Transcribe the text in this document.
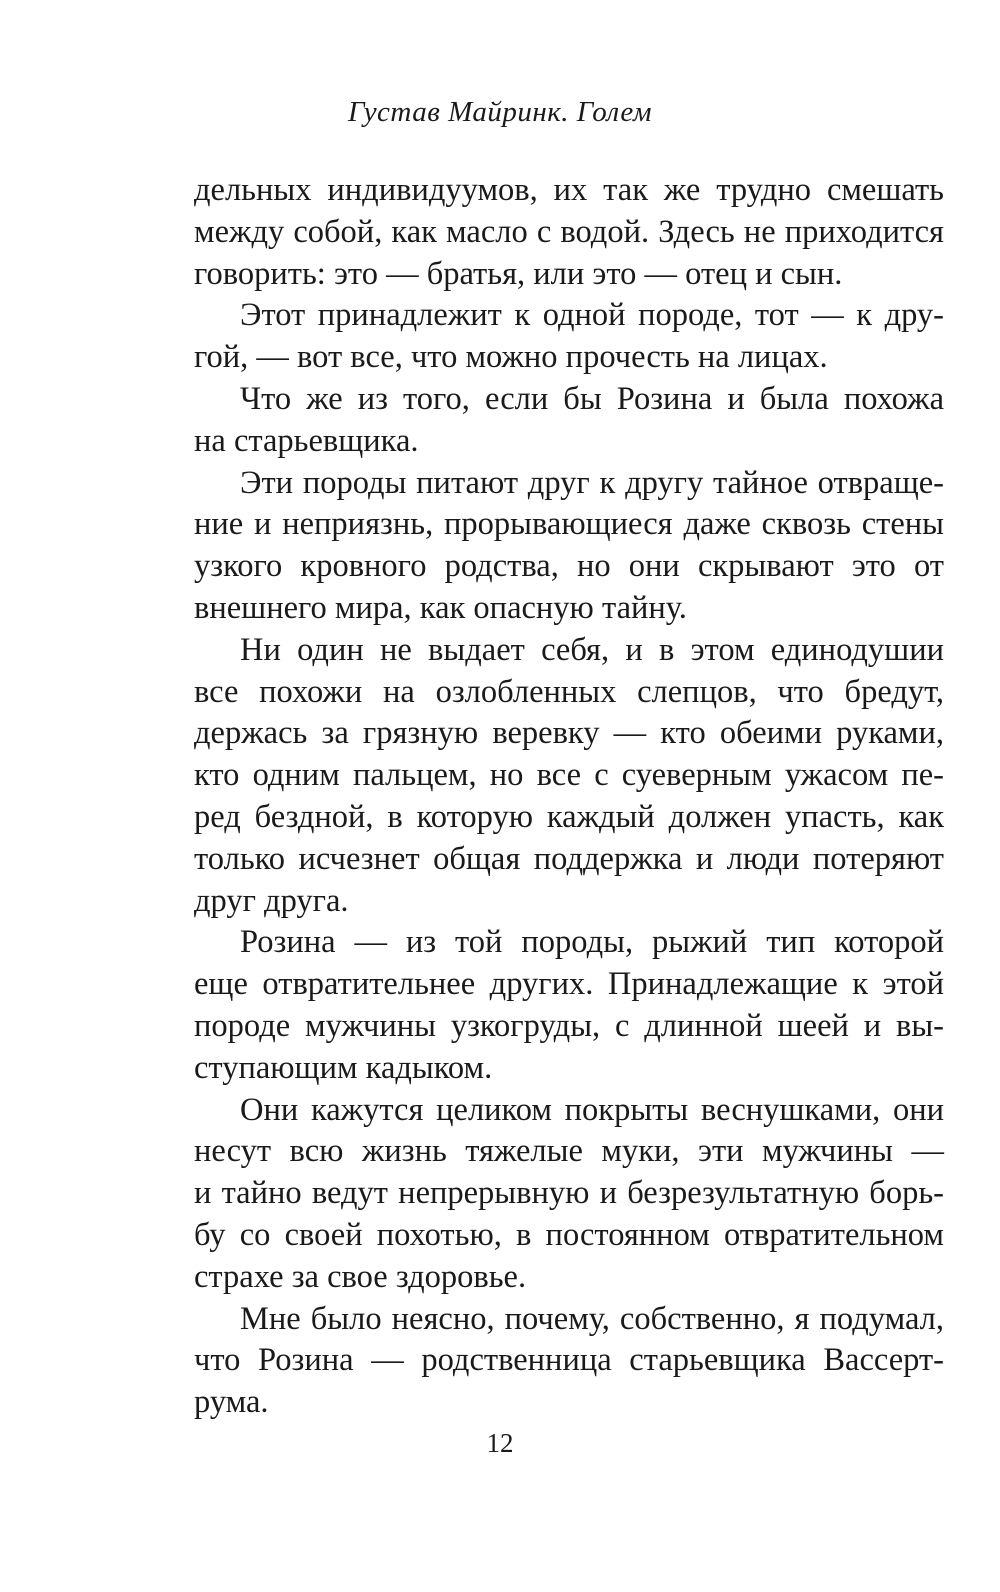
Густав Майринк. Голем
дельных индивидуумов, их так же трудно смешать
между собой, как масло с водой. Здесь не приходится
говорить: это — братья, или это — отец и сын.
Этот принадлежит к одной породе, тот — к дру-
гой, — вот все, что можно прочесть на лицах.
Что же из того, если бы Розина и была похожа
на старьевщика.
Эти породы питают друг к другу тайное отвраще-
ние и неприязнь, прорывающиеся даже сквозь стены
узкого кровного родства, но они скрывают это от
внешнего мира, как опасную тайну.
Ни один не выдает себя, и в этом единодушии
все похожи на озлобленных слепцов, что бредут,
держась за грязную веревку — кто обеими руками,
кто одним пальцем, но все с суеверным ужасом пе-
ред бездной, в которую каждый должен упасть, как
только исчезнет общая поддержка и люди потеряют
друг друга.
Розина — из той породы, рыжий тип которой
еще отвратительнее других. Принадлежащие к этой
породе мужчины узкогруды, с длинной шеей и вы-
ступающим кадыком.
Они кажутся целиком покрыты веснушками, они
несут всю жизнь тяжелые муки, эти мужчины —
и тайно ведут непрерывную и безрезультатную борь-
бу со своей похотью, в постоянном отвратительном
страхе за свое здоровье.
Мне было неясно, почему, собственно, я подумал,
что Розина — родственница старьевщика Вассерт-
рума.
12
